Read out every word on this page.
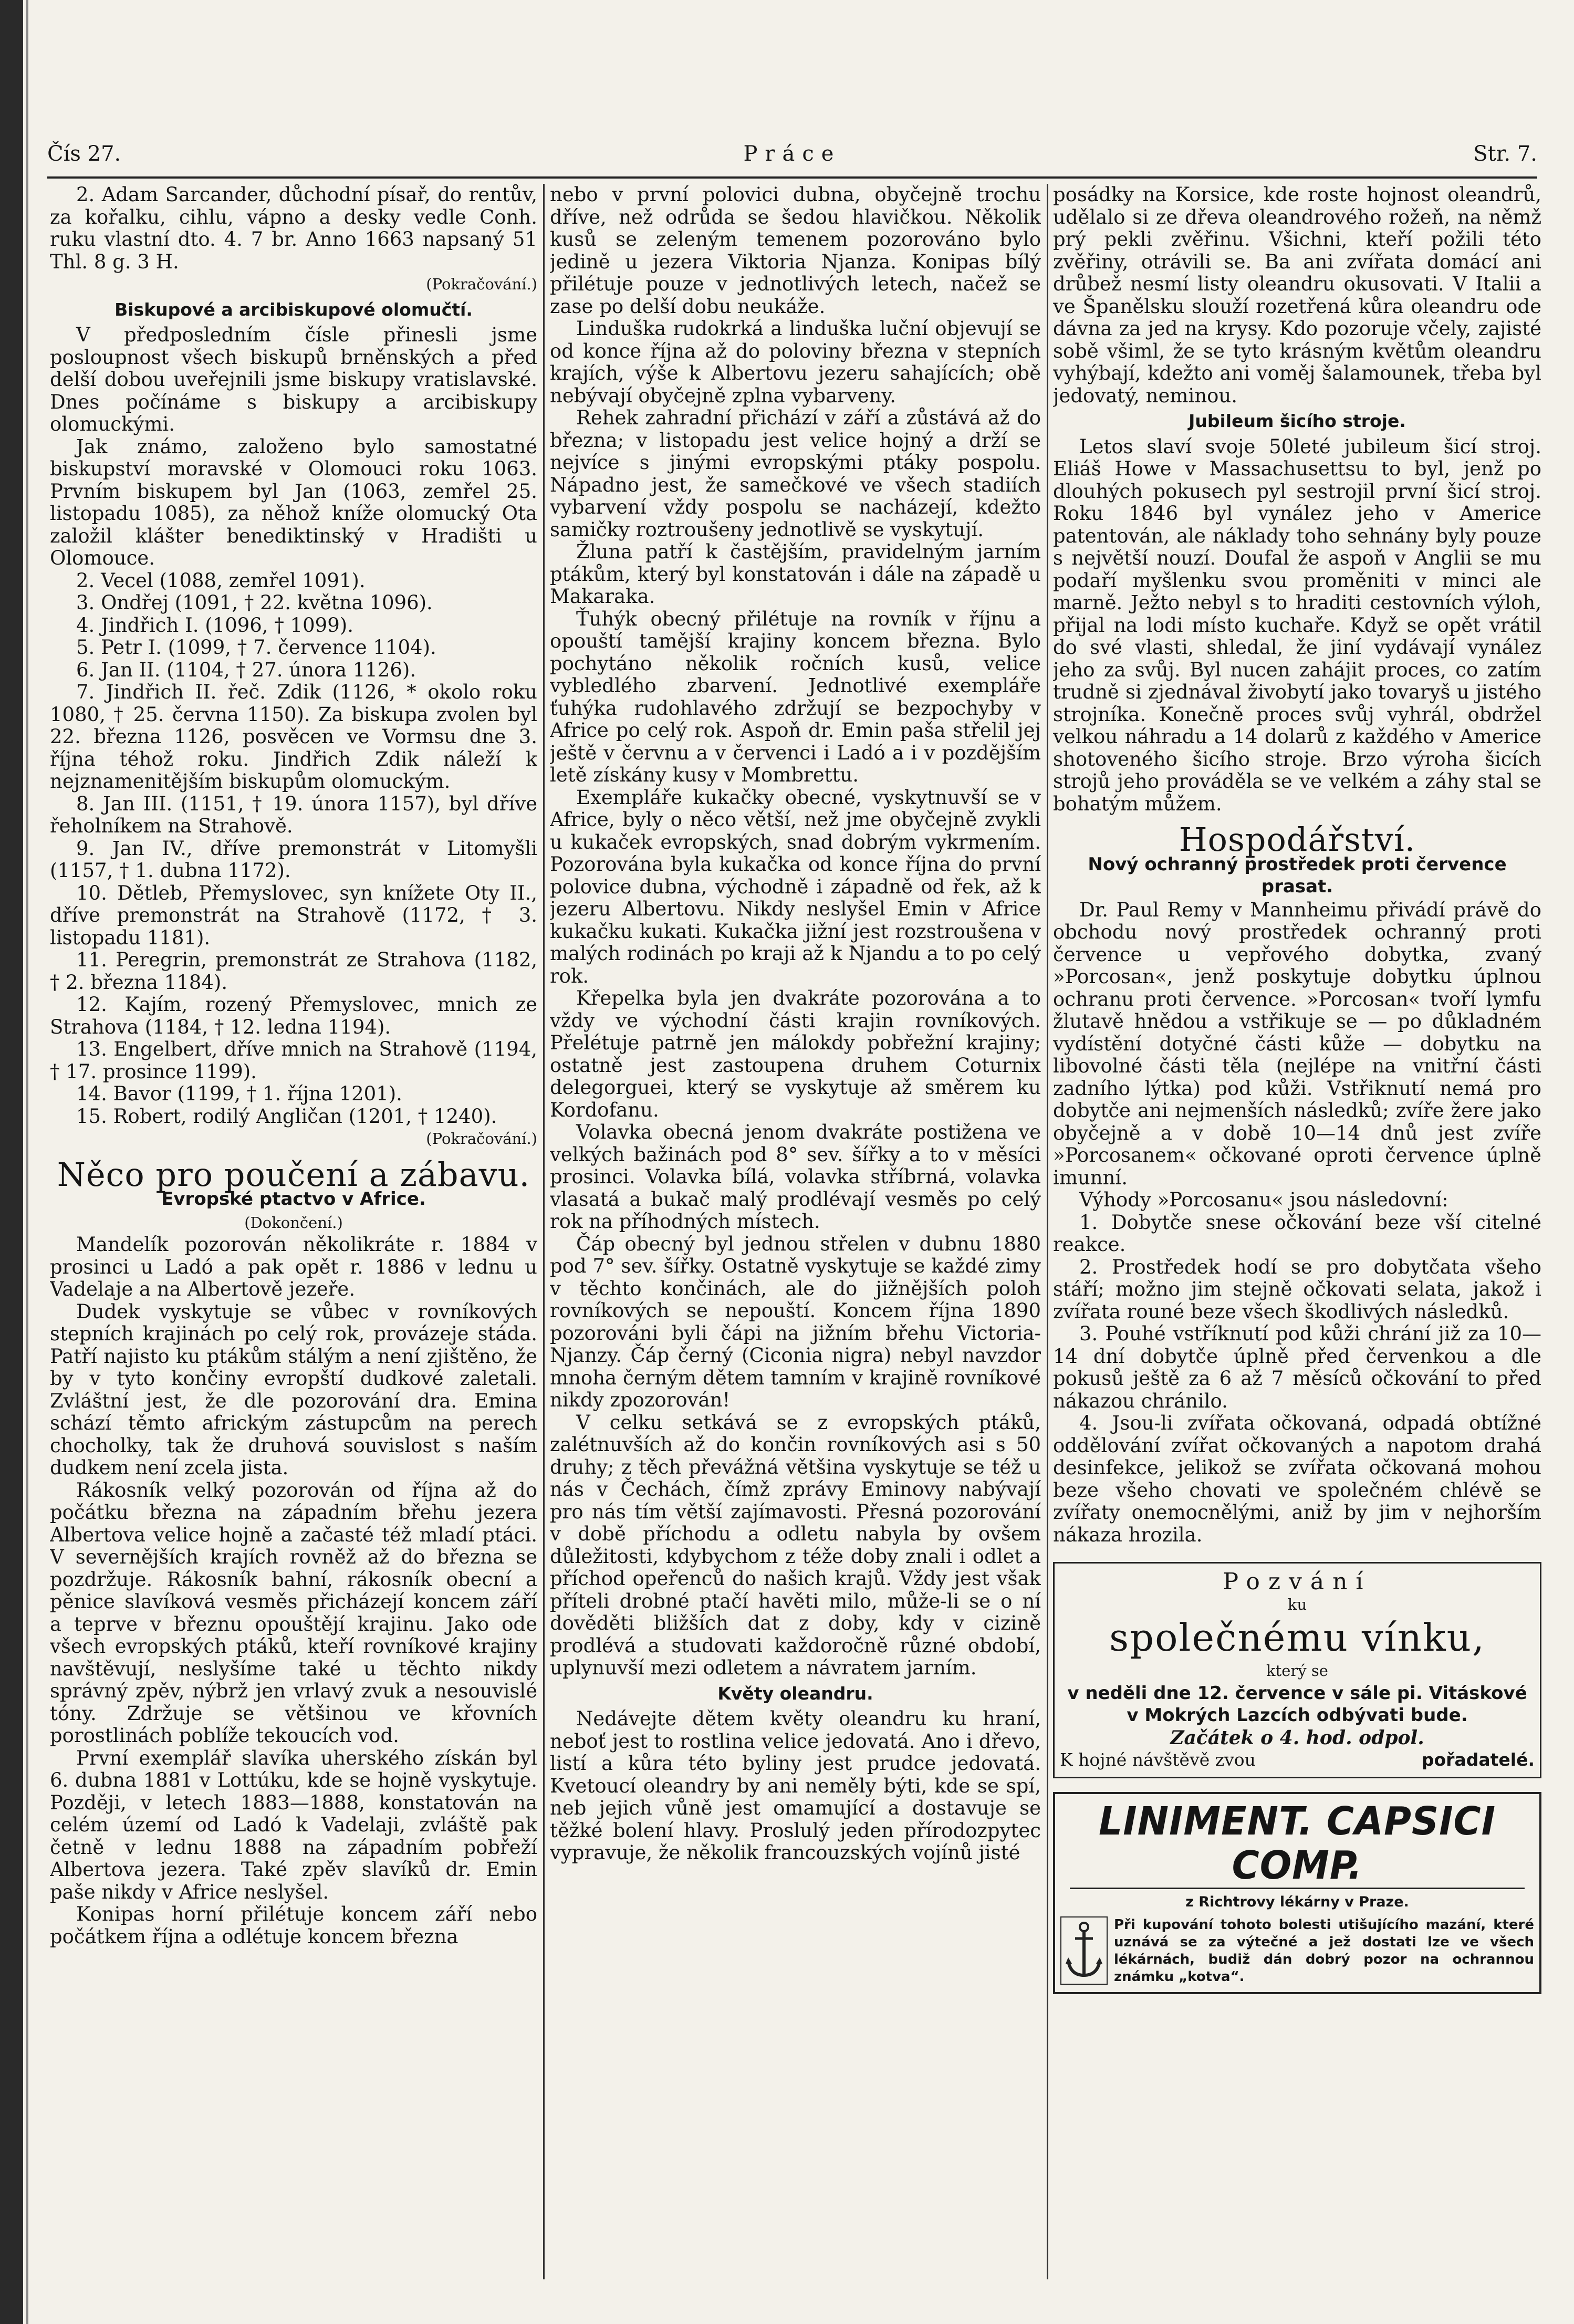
Čís 27.	Práce	Str. 7.

2. Adam Sarcander, důchodní písař, do rentův, za kořalku, cihlu, vápno a desky vedle Conh. ruku vlastní dto. 4. 7 br. Anno 1663 napsaný 51 Thl. 8 g. 3 H.

(Pokračování.)
Biskupové a arcibiskupové olomučtí.

V předposledním čísle přinesli jsme posloupnost všech biskupů brněnských a před delší dobou uveřejnili jsme biskupy vratislavské. Dnes počínáme s biskupy a arcibiskupy olomuckými.

Jak známo, založeno bylo samostatné biskupství moravské v Olomouci roku 1063. Prvním biskupem byl Jan (1063, zemřel 25. listopadu 1085), za něhož kníže olomucký Ota založil klášter benediktinský v Hradišti u Olomouce.

2. Vecel (1088, zemřel 1091).

3. Ondřej (1091, † 22. května 1096).

4. Jindřich I. (1096, † 1099).

5. Petr I. (1099, † 7. července 1104).

6. Jan II. (1104, † 27. února 1126).

7. Jindřich II. řeč. Zdik (1126, * okolo roku 1080, † 25. června 1150). Za biskupa zvolen byl 22. března 1126, posvěcen ve Vormsu dne 3. října téhož roku. Jindřich Zdik náleží k nejznamenitějším biskupům olomuckým.

8. Jan III. (1151, † 19. února 1157), byl dříve řeholníkem na Strahově.

9. Jan IV., dříve premonstrát v Litomyšli (1157, † 1. dubna 1172).

10. Dětleb, Přemyslovec, syn knížete Oty II., dříve premonstrát na Strahově (1172, † 3. listopadu 1181).

11. Peregrin, premonstrát ze Strahova (1182, † 2. března 1184).

12. Kajím, rozený Přemyslovec, mnich ze Strahova (1184, † 12. ledna 1194).

13. Engelbert, dříve mnich na Strahově (1194, † 17. prosince 1199).

14. Bavor (1199, † 1. října 1201).

15. Robert, rodilý Angličan (1201, † 1240).

(Pokračování.)
Něco pro poučení a zábavu.
Evropské ptactvo v Africe.
(Dokončení.)

Mandelík pozorován několikráte r. 1884 v prosinci u Ladó a pak opět r. 1886 v lednu u Vadelaje a na Albertově jezeře.

Dudek vyskytuje se vůbec v rovníkových stepních krajinách po celý rok, provázeje stáda. Patří najisto ku ptákům stálým a není zjištěno, že by v tyto končiny evropští dudkové zaletali. Zvláštní jest, že dle pozorování dra. Emina schází těmto africkým zástupcům na perech chocholky, tak že druhová souvislost s naším dudkem není zcela jista.

Rákosník velký pozorován od října až do počátku března na západním břehu jezera Albertova velice hojně a začasté též mladí ptáci. V severnějších krajích rovněž až do března se pozdržuje. Rákosník bahní, rákosník obecní a pěnice slavíková vesměs přicházejí koncem září a teprve v březnu opouštějí krajinu. Jako ode všech evropských ptáků, kteří rovníkové krajiny navštěvují, neslyšíme také u těchto nikdy správný zpěv, nýbrž jen vrlavý zvuk a nesouvislé tóny. Zdržuje se většinou ve křovních porostlinách poblíže tekoucích vod.

První exemplář slavíka uherského získán byl 6. dubna 1881 v Lottúku, kde se hojně vyskytuje. Později, v letech 1883—1888, konstatován na celém území od Ladó k Vadelaji, zvláště pak četně v lednu 1888 na západním pobřeží Albertova jezera. Také zpěv slavíků dr. Emin paše nikdy v Africe neslyšel.

Konipas horní přilétuje koncem září nebo počátkem října a odlétuje koncem března

nebo v první polovici dubna, obyčejně trochu dříve, než odrůda se šedou hlavičkou. Několik kusů se zeleným temenem pozorováno bylo jedině u jezera Viktoria Njanza. Konipas bílý přilétuje pouze v jednotlivých letech, načež se zase po delší dobu neukáže.

Linduška rudokrká a linduška luční objevují se od konce října až do poloviny března v stepních krajích, výše k Albertovu jezeru sahajících; obě nebývají obyčejně zplna vybarveny.

Rehek zahradní přichází v září a zůstává až do března; v listopadu jest velice hojný a drží se nejvíce s jinými evropskými ptáky pospolu. Nápadno jest, že samečkové ve všech stadiích vybarvení vždy pospolu se nacházejí, kdežto samičky roztroušeny jednotlivě se vyskytují.

Žluna patří k častějším, pravidelným jarním ptákům, který byl konstatován i dále na západě u Makaraka.

Ťuhýk obecný přilétuje na rovník v říjnu a opouští tamější krajiny koncem března. Bylo pochytáno několik ročních kusů, velice vybledlého zbarvení. Jednotlivé exempláře ťuhýka rudohlavého zdržují se bezpochyby v Africe po celý rok. Aspoň dr. Emin paša střelil jej ještě v červnu a v červenci i Ladó a i v pozdějším letě získány kusy v Mombrettu.

Exempláře kukačky obecné, vyskytnuvší se v Africe, byly o něco větší, než jme obyčejně zvykli u kukaček evropských, snad dobrým vykrmením. Pozorována byla kukačka od konce října do první polovice dubna, východně i západně od řek, až k jezeru Albertovu. Nikdy neslyšel Emin v Africe kukačku kukati. Kukačka jižní jest rozstroušena v malých rodinách po kraji až k Njandu a to po celý rok.

Křepelka byla jen dvakráte pozorována a to vždy ve východní části krajin rovníkových. Přelétuje patrně jen málokdy pobřežní krajiny; ostatně jest zastoupena druhem Coturnix delegorguei, který se vyskytuje až směrem ku Kordofanu.

Volavka obecná jenom dvakráte postižena ve velkých bažinách pod 8° sev. šířky a to v měsíci prosinci. Volavka bílá, volavka stříbrná, volavka vlasatá a bukač malý prodlévají vesměs po celý rok na příhodných místech.

Čáp obecný byl jednou střelen v dubnu 1880 pod 7° sev. šířky. Ostatně vyskytuje se každé zimy v těchto končinách, ale do jižnějších poloh rovníkových se nepouští. Koncem října 1890 pozorováni byli čápi na jižním břehu Victoria-Njanzy. Čáp černý (Ciconia nigra) nebyl navzdor mnoha černým dětem tamním v krajině rovníkové nikdy zpozorován!

V celku setkává se z evropských ptáků, zalétnuvších až do končin rovníkových asi s 50 druhy; z těch převážná většina vyskytuje se též u nás v Čechách, čímž zprávy Eminovy nabývají pro nás tím větší zajímavosti. Přesná pozorování v době příchodu a odletu nabyla by ovšem důležitosti, kdybychom z téže doby znali i odlet a příchod opeřenců do našich krajů. Vždy jest však příteli drobné ptačí havěti milo, může-li se o ní dověděti bližších dat z doby, kdy v cizině prodlévá a studovati každoročně různé období, uplynuvší mezi odletem a návratem jarním.

Květy oleandru.

Nedávejte dětem květy oleandru ku hraní, neboť jest to rostlina velice jedovatá. Ano i dřevo, listí a kůra této byliny jest prudce jedovatá. Kvetoucí oleandry by ani neměly býti, kde se spí, neb jejich vůně jest omamující a dostavuje se těžké bolení hlavy. Proslulý jeden přírodozpytec vypravuje, že několik francouzských vojínů jisté

posádky na Korsice, kde roste hojnost oleandrů, udělalo si ze dřeva oleandrového rožeň, na němž prý pekli zvěřinu. Všichni, kteří požili této zvěřiny, otrávili se. Ba ani zvířata domácí ani drůbež nesmí listy oleandru okusovati. V Italii a ve Španělsku slouží rozetřená kůra oleandru ode dávna za jed na krysy. Kdo pozoruje včely, zajisté sobě všiml, že se tyto krásným květům oleandru vyhýbají, kdežto ani voměj šalamounek, třeba byl jedovatý, neminou.

Jubileum šicího stroje.

Letos slaví svoje 50leté jubileum šicí stroj. Eliáš Howe v Massachusettsu to byl, jenž po dlouhých pokusech pyl sestrojil první šicí stroj. Roku 1846 byl vynález jeho v Americe patentován, ale náklady toho sehnány byly pouze s největší nouzí. Doufal že aspoň v Anglii se mu podaří myšlenku svou proměniti v minci ale marně. Ježto nebyl s to hraditi cestovních výloh, přijal na lodi místo kuchaře. Když se opět vrátil do své vlasti, shledal, že jiní vydávají vynález jeho za svůj. Byl nucen zahájit proces, co zatím trudně si zjednával živobytí jako tovaryš u jistého strojníka. Konečně proces svůj vyhrál, obdržel velkou náhradu a 14 dolarů z každého v Americe shotoveného šicího stroje. Brzo výroha šicích strojů jeho prováděla se ve velkém a záhy stal se bohatým můžem.

Hospodářství.
Nový ochranný prostředek proti července prasat.

Dr. Paul Remy v Mannheimu přivádí právě do obchodu nový prostředek ochranný proti července u vepřového dobytka, zvaný »Porcosan«, jenž poskytuje dobytku úplnou ochranu proti července. »Porcosan« tvoří lymfu žlutavě hnědou a vstřikuje se — po důkladném vydístění dotyčné části kůže — dobytku na libovolné části těla (nejlépe na vnitřní části zadního lýtka) pod kůži. Vstřiknutí nemá pro dobytče ani nejmenších následků; zvíře žere jako obyčejně a v době 10—14 dnů jest zvíře »Porcosanem« očkované oproti července úplně imunní.

Výhody »Porcosanu« jsou následovní:

1. Dobytče snese očkování beze vší citelné reakce.

2. Prostředek hodí se pro dobytčata všeho stáří; možno jim stejně očkovati selata, jakož i zvířata rouné beze všech škodlivých následků.

3. Pouhé vstříknutí pod kůži chrání již za 10—14 dní dobytče úplně před červenkou a dle pokusů ještě za 6 až 7 měsíců očkování to před nákazou chránilo.

4. Jsou-li zvířata očkovaná, odpadá obtížné oddělování zvířat očkovaných a napotom drahá desinfekce, jelikož se zvířata očkovaná mohou beze všeho chovati ve společném chlévě se zvířaty onemocnělými, aniž by jim v nejhorším nákaza hrozila.

Pozvání
ku
společnému vínku,
který se
v neděli dne 12. července v sále pi. Vitáskové
v Mokrých Lazcích odbývati bude.
Začátek o 4. hod. odpol.
pořadatelé.
K hojné návštěvě zvou
LINIMENT. CAPSICI COMP.
z Richtrovy lékárny v Praze.
Při kupování tohoto bolesti utišujícího mazání, které uznává se za výtečné a jež dostati lze ve všech lékárnách, budiž dán dobrý pozor na ochrannou známku „kotva“.
